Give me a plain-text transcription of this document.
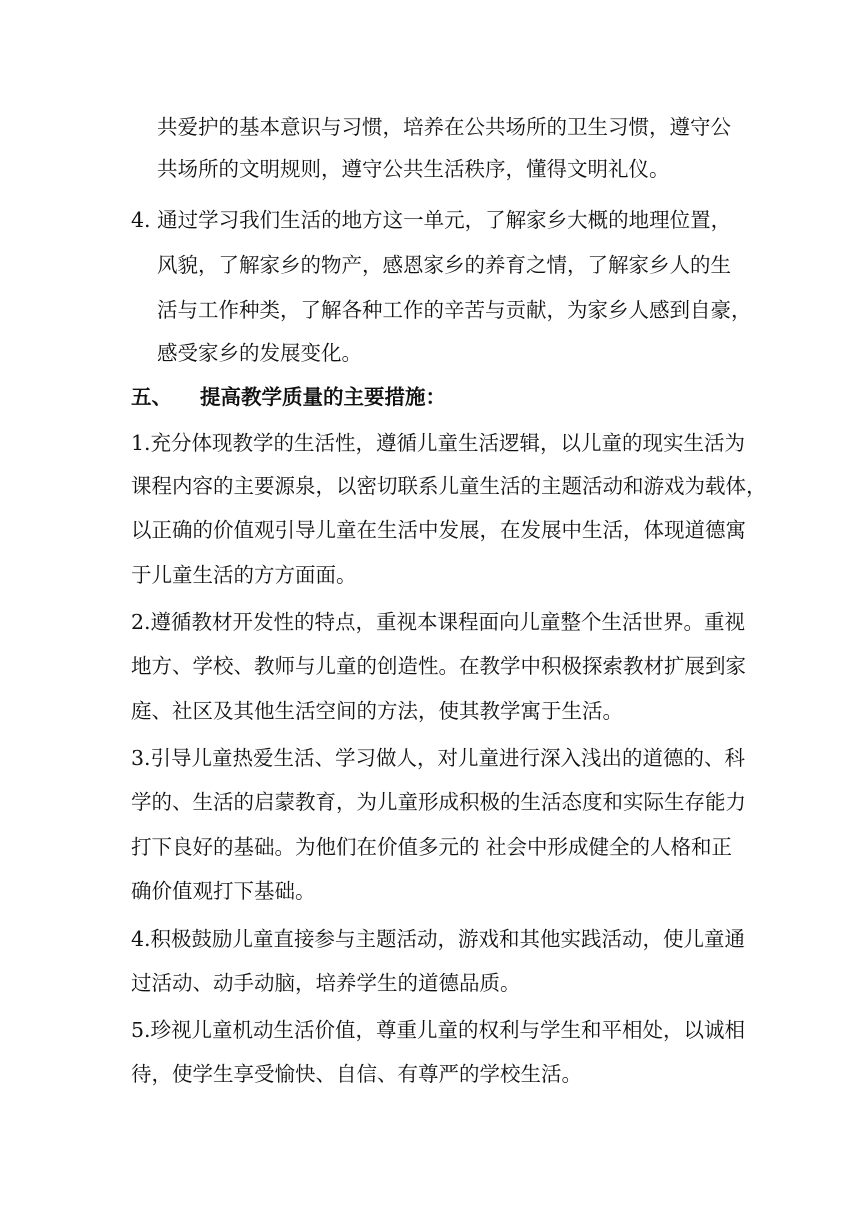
共爱护的基本意识与习惯，培养在公共场所的卫生习惯，遵守公
共场所的文明规则，遵守公共生活秩序，懂得文明礼仪。
4. 通过学习我们生活的地方这一单元，了解家乡大概的地理位置，
风貌，了解家乡的物产，感恩家乡的养育之情，了解家乡人的生
活与工作种类，了解各种工作的辛苦与贡献，为家乡人感到自豪，
感受家乡的发展变化。
五、 提高教学质量的主要措施：
1.充分体现教学的生活性，遵循儿童生活逻辑，以儿童的现实生活为
课程内容的主要源泉，以密切联系儿童生活的主题活动和游戏为载体，
以正确的价值观引导儿童在生活中发展，在发展中生活，体现道德寓
于儿童生活的方方面面。
2.遵循教材开发性的特点，重视本课程面向儿童整个生活世界。重视
地方、学校、教师与儿童的创造性。在教学中积极探索教材扩展到家
庭、社区及其他生活空间的方法，使其教学寓于生活。
3.引导儿童热爱生活、学习做人，对儿童进行深入浅出的道德的、科
学的、生活的启蒙教育，为儿童形成积极的生活态度和实际生存能力
打下良好的基础。为他们在价值多元的 社会中形成健全的人格和正
确价值观打下基础。
4.积极鼓励儿童直接参与主题活动，游戏和其他实践活动，使儿童通
过活动、动手动脑，培养学生的道德品质。
5.珍视儿童机动生活价值，尊重儿童的权利与学生和平相处，以诚相
待，使学生享受愉快、自信、有尊严的学校生活。
